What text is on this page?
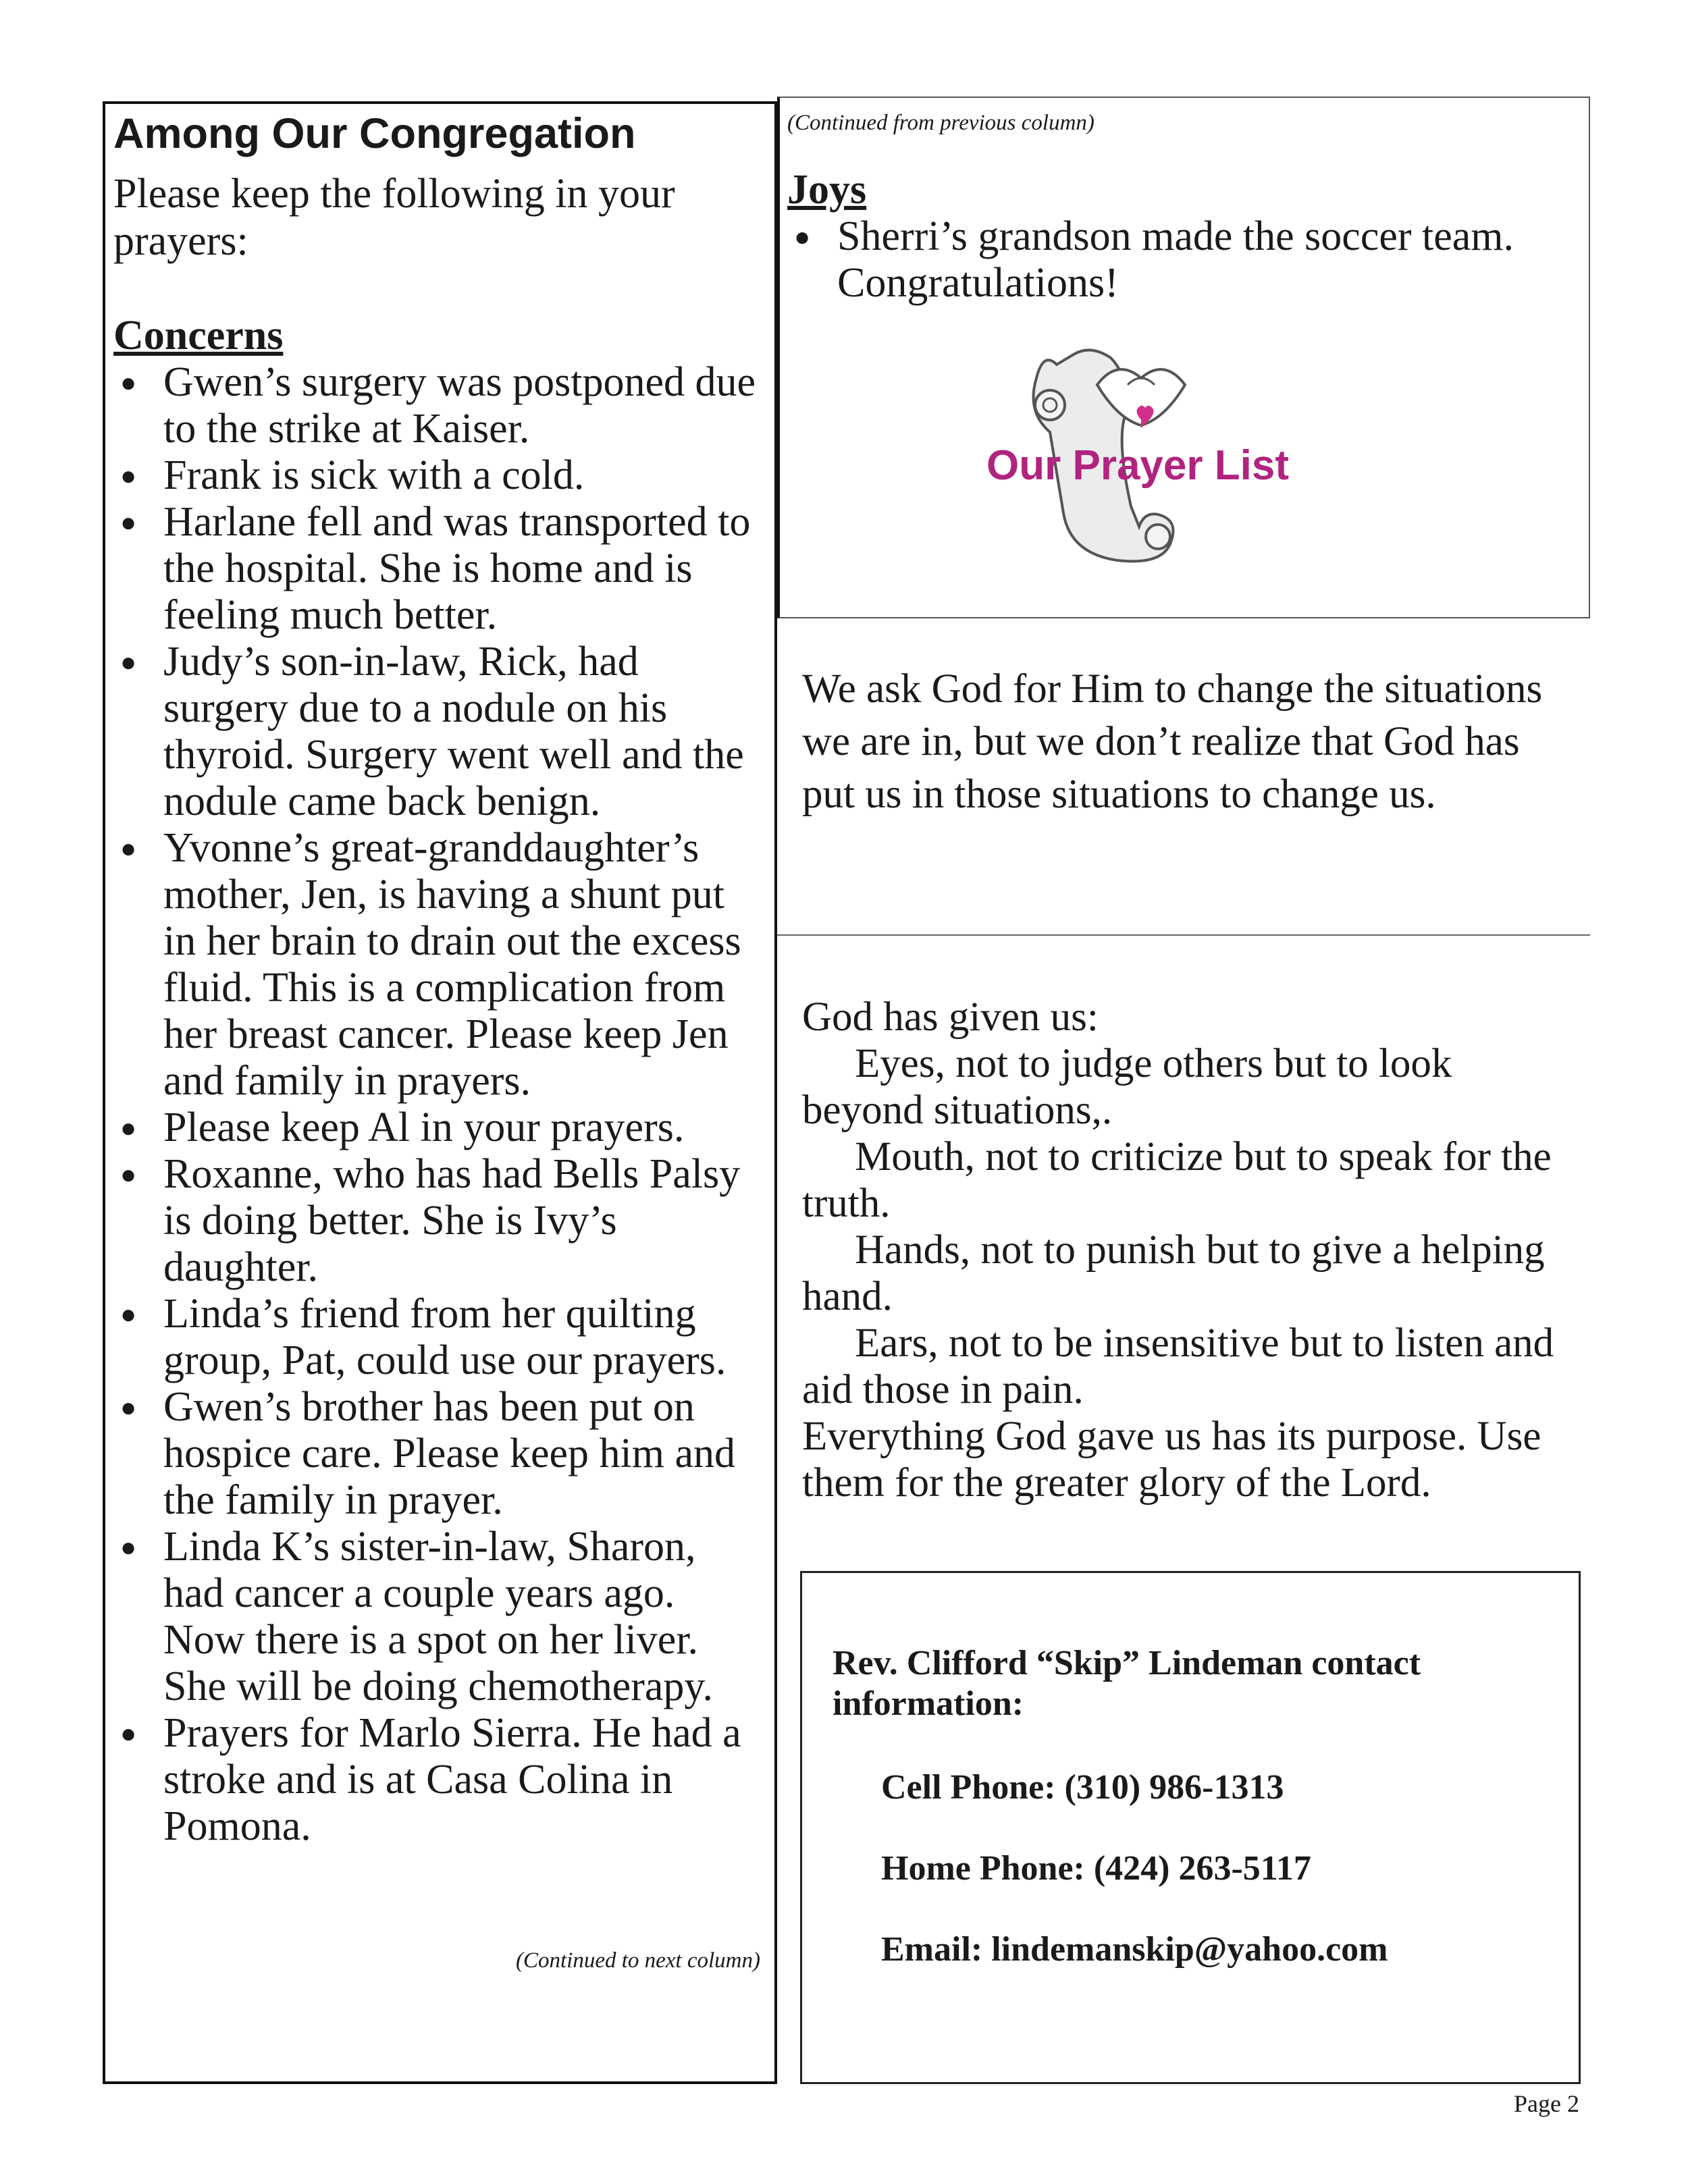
Among Our Congregation
Please keep the following in your prayers:
Concerns
● Gwen’s surgery was postponed due to the strike at Kaiser.
● Frank is sick with a cold.
● Harlane fell and was transported to the hospital. She is home and is feeling much better.
● Judy’s son-in-law, Rick, had surgery due to a nodule on his thyroid. Surgery went well and the nodule came back benign.
● Yvonne’s great-granddaughter’s mother, Jen, is having a shunt put in her brain to drain out the excess fluid. This is a complication from her breast cancer. Please keep Jen and family in prayers.
● Please keep Al in your prayers.
● Roxanne, who has had Bells Palsy is doing better. She is Ivy’s daughter.
● Linda’s friend from her quilting group, Pat, could use our prayers.
● Gwen’s brother has been put on hospice care. Please keep him and the family in prayer.
● Linda K’s sister-in-law, Sharon, had cancer a couple years ago. Now there is a spot on her liver. She will be doing chemotherapy.
● Prayers for Marlo Sierra. He had a stroke and is at Casa Colina in Pomona.
(Continued to next column)
(Continued from previous column)
Joys
● Sherri’s grandson made the soccer team. Congratulations!
Our Prayer List
We ask God for Him to change the situations we are in, but we don’t realize that God has put us in those situations to change us.

God has given us:

Eyes, not to judge others but to look beyond situations,.

Mouth, not to criticize but to speak for the truth.

Hands, not to punish but to give a helping hand.

Ears, not to be insensitive but to listen and aid those in pain.

Everything God gave us has its purpose. Use them for the greater glory of the Lord.

Rev. Clifford “Skip” Lindeman contact information:
Cell Phone: (310) 986-1313
Home Phone: (424) 263-5117
Email: lindemanskip@yahoo.com
Page 2
